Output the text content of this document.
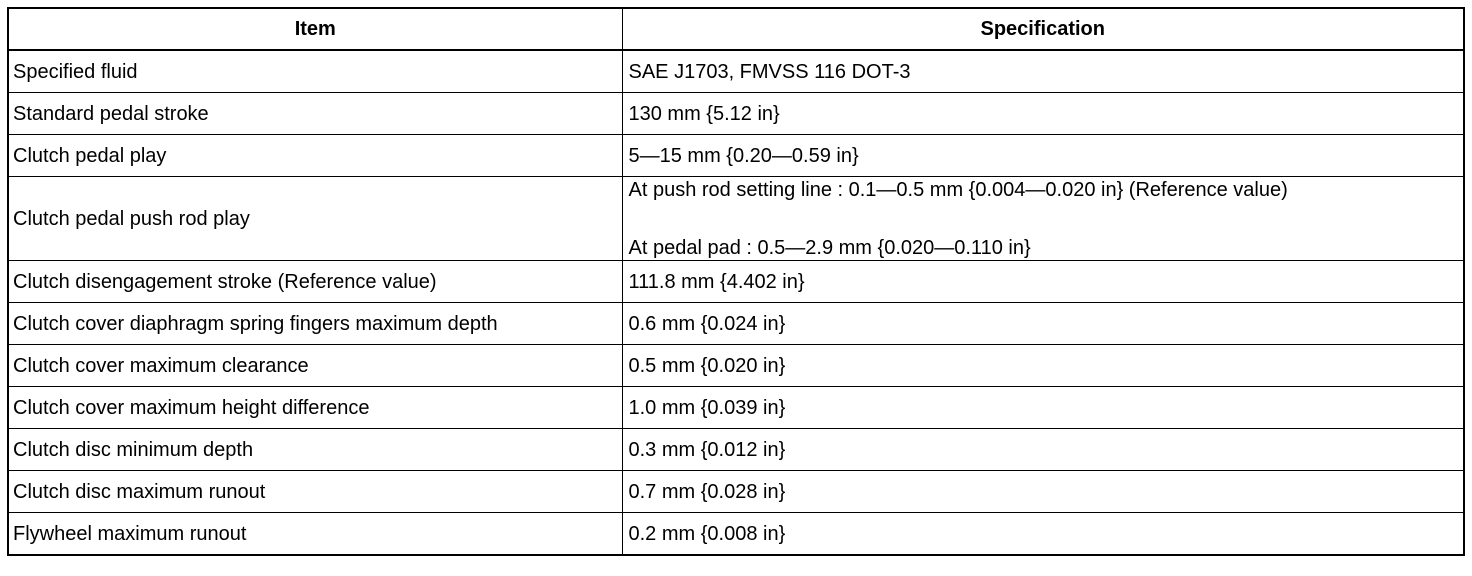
Item	Specification
Specified fluid	SAE J1703, FMVSS 116 DOT-3
Standard pedal stroke	130 mm {5.12 in}
Clutch pedal play	5—15 mm {0.20—0.59 in}
Clutch pedal push rod play	At push rod setting line : 0.1—0.5 mm {0.004—0.020 in} (Reference value)
At pedal pad : 0.5—2.9 mm {0.020—0.110 in}

Clutch disengagement stroke (Reference value)	111.8 mm {4.402 in}
Clutch cover diaphragm spring fingers maximum depth	0.6 mm {0.024 in}
Clutch cover maximum clearance	0.5 mm {0.020 in}
Clutch cover maximum height difference	1.0 mm {0.039 in}
Clutch disc minimum depth	0.3 mm {0.012 in}
Clutch disc maximum runout	0.7 mm {0.028 in}
Flywheel maximum runout	0.2 mm {0.008 in}
